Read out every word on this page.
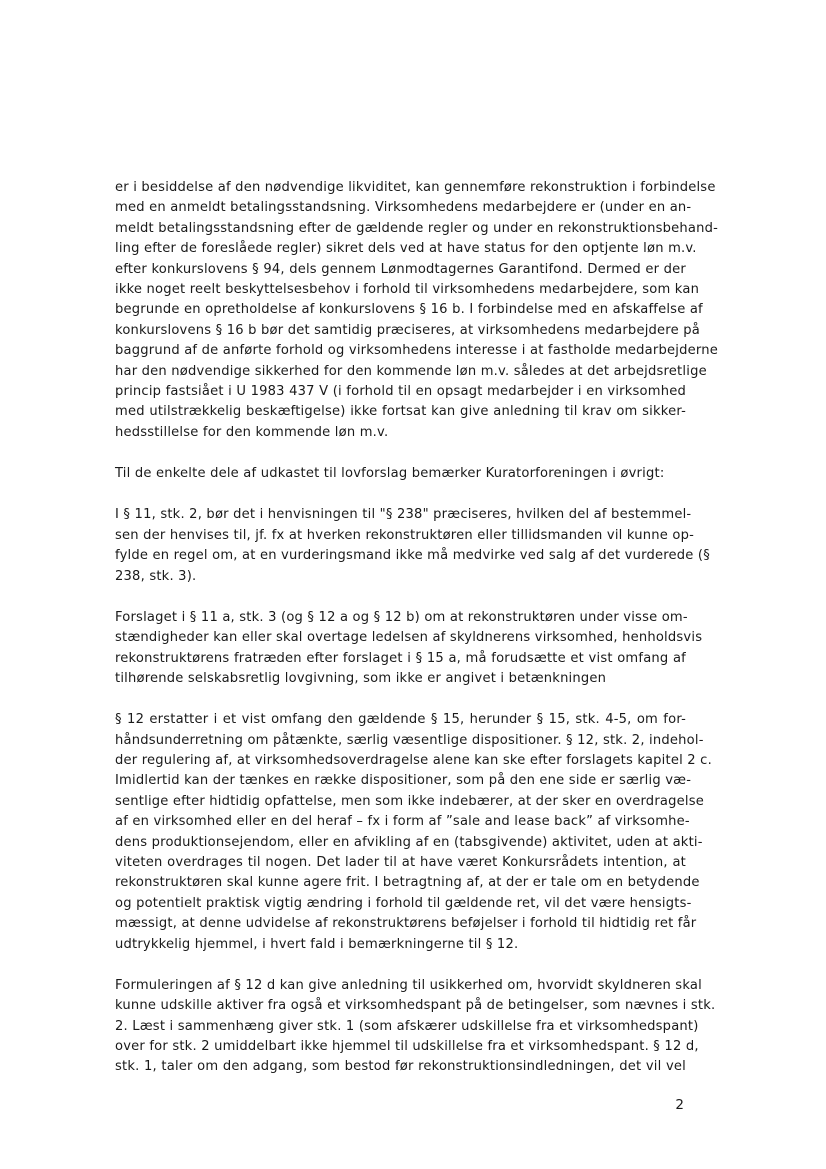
er i besiddelse af den nødvendige likviditet, kan gennemføre rekonstruktion i forbindelse
med en anmeldt betalingsstandsning. Virksomhedens medarbejdere er (under en an-
meldt betalingsstandsning efter de gældende regler og under en rekonstruktionsbehand-
ling efter de foreslåede regler) sikret dels ved at have status for den optjente løn m.v.
efter konkurslovens § 94, dels gennem Lønmodtagernes Garantifond. Dermed er der
ikke noget reelt beskyttelsesbehov i forhold til virksomhedens medarbejdere, som kan
begrunde en opretholdelse af konkurslovens § 16 b. I forbindelse med en afskaffelse af
konkurslovens § 16 b bør det samtidig præciseres, at virksomhedens medarbejdere på
baggrund af de anførte forhold og virksomhedens interesse i at fastholde medarbejderne
har den nødvendige sikkerhed for den kommende løn m.v. således at det arbejdsretlige
princip fastsiået i U 1983 437 V (i forhold til en opsagt medarbejder i en virksomhed
med utilstrækkelig beskæftigelse) ikke fortsat kan give anledning til krav om sikker-
hedsstillelse for den kommende løn m.v.

Til de enkelte dele af udkastet til lovforslag bemærker Kuratorforeningen i øvrigt:

I § 11, stk. 2, bør det i henvisningen til "§ 238" præciseres, hvilken del af bestemmel-
sen der henvises til, jf. fx at hverken rekonstruktøren eller tillidsmanden vil kunne op-
fylde en regel om, at en vurderingsmand ikke må medvirke ved salg af det vurderede (§
238, stk. 3).

Forslaget i § 11 a, stk. 3 (og § 12 a og § 12 b) om at rekonstruktøren under visse om-
stændigheder kan eller skal overtage ledelsen af skyldnerens virksomhed, henholdsvis
rekonstruktørens fratræden efter forslaget i § 15 a, må forudsætte et vist omfang af
tilhørende selskabsretlig lovgivning, som ikke er angivet i betænkningen

§ 12 erstatter i et vist omfang den gældende § 15, herunder § 15, stk. 4-5, om for-
håndsunderretning om påtænkte, særlig væsentlige dispositioner. § 12, stk. 2, indehol-
der regulering af, at virksomhedsoverdragelse alene kan ske efter forslagets kapitel 2 c.
Imidlertid kan der tænkes en række dispositioner, som på den ene side er særlig væ-
sentlige efter hidtidig opfattelse, men som ikke indebærer, at der sker en overdragelse
af en virksomhed eller en del heraf – fx i form af ”sale and lease back” af virksomhe-
dens produktionsejendom, eller en afvikling af en (tabsgivende) aktivitet, uden at akti-
viteten overdrages til nogen. Det lader til at have været Konkursrådets intention, at
rekonstruktøren skal kunne agere frit. I betragtning af, at der er tale om en betydende
og potentielt praktisk vigtig ændring i forhold til gældende ret, vil det være hensigts-
mæssigt, at denne udvidelse af rekonstruktørens beføjelser i forhold til hidtidig ret får
udtrykkelig hjemmel, i hvert fald i bemærkningerne til § 12.

Formuleringen af § 12 d kan give anledning til usikkerhed om, hvorvidt skyldneren skal
kunne udskille aktiver fra også et virksomhedspant på de betingelser, som nævnes i stk.
2. Læst i sammenhæng giver stk. 1 (som afskærer udskillelse fra et virksomhedspant)
over for stk. 2 umiddelbart ikke hjemmel til udskillelse fra et virksomhedspant. § 12 d,
stk. 1, taler om den adgang, som bestod før rekonstruktionsindledningen, det vil vel

2
